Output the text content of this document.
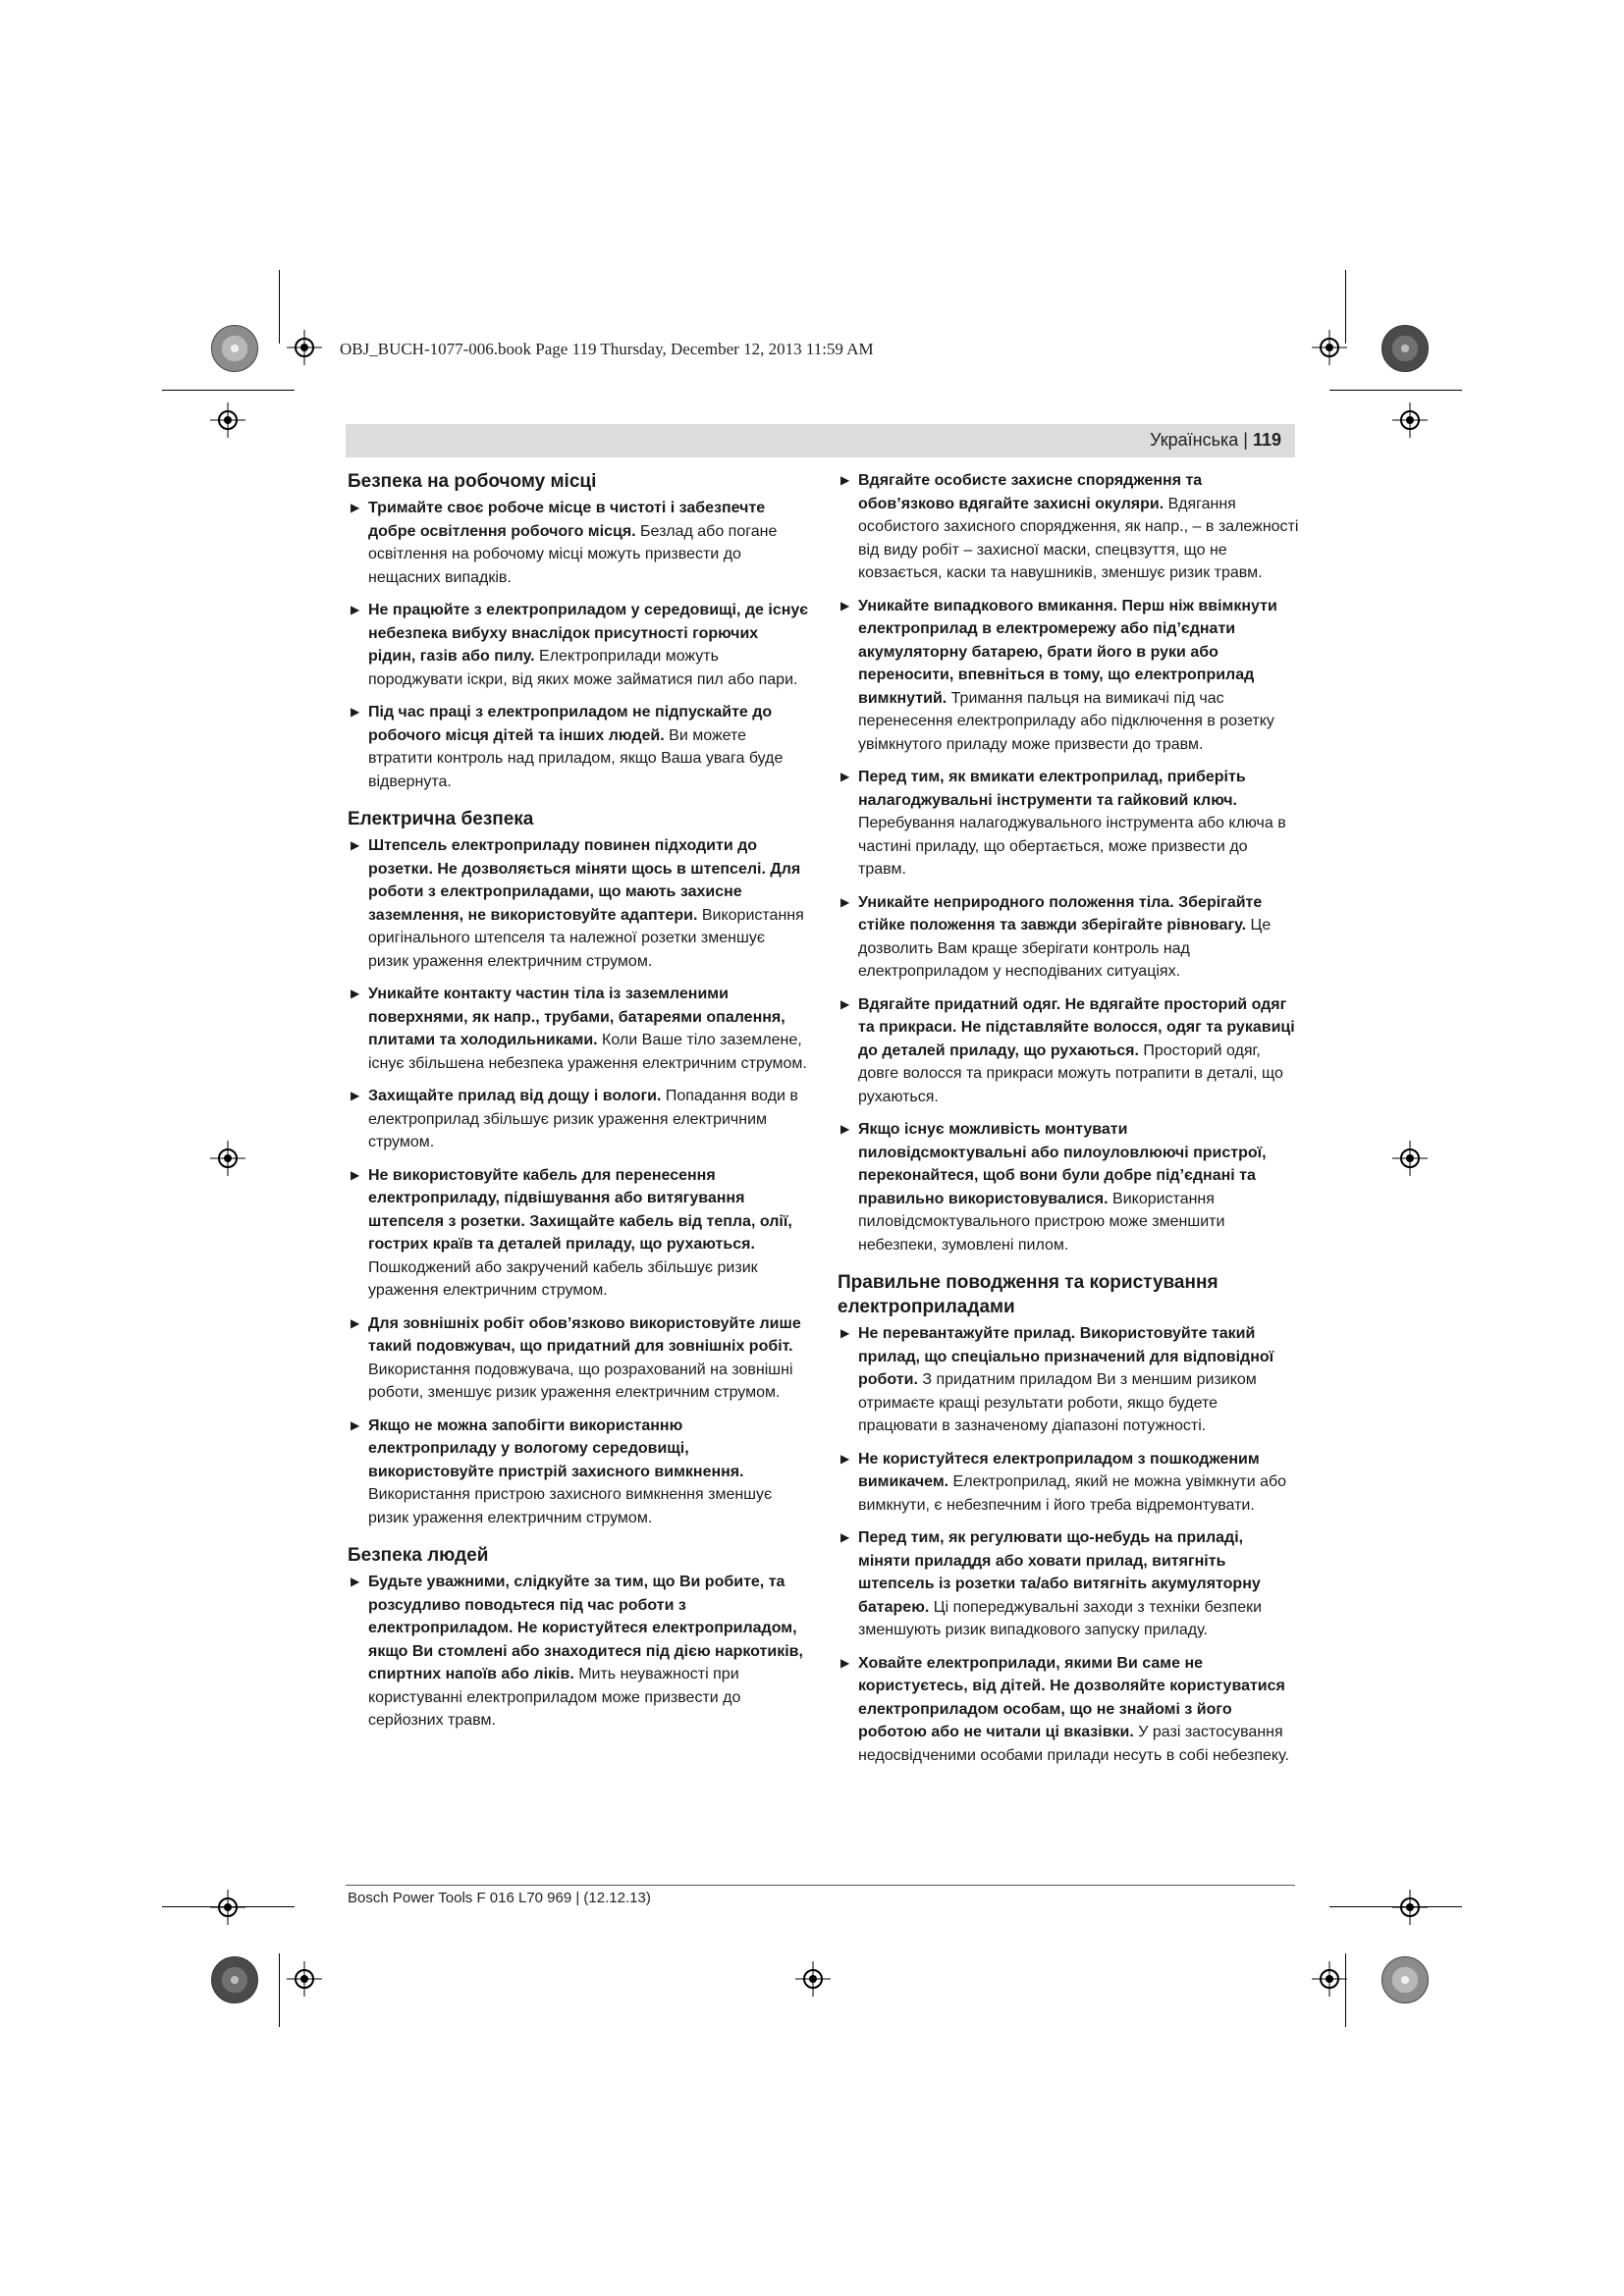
OBJ_BUCH-1077-006.book Page 119 Thursday, December 12, 2013 11:59 AM
Українська | 119
Безпека на робочому місці
▶ Тримайте своє робоче місце в чистоті і забезпечте добре освітлення робочого місця. Безлад або погане освітлення на робочому місці можуть призвести до нещасних випадків.
▶ Не працюйте з електроприладом у середовищі, де існує небезпека вибуху внаслідок присутності горючих рідин, газів або пилу. Електроприлади можуть породжувати іскри, від яких може займатися пил або пари.
▶ Під час праці з електроприладом не підпускайте до робочого місця дітей та інших людей. Ви можете втратити контроль над приладом, якщо Ваша увага буде відвернута.
Електрична безпека
▶ Штепсель електроприладу повинен підходити до розетки. Не дозволяється міняти щось в штепселі. Для роботи з електроприладами, що мають захисне заземлення, не використовуйте адаптери. Використання оригінального штепселя та належної розетки зменшує ризик ураження електричним струмом.
▶ Уникайте контакту частин тіла із заземленими поверхнями, як напр., трубами, батареями опалення, плитами та холодильниками. Коли Ваше тіло заземлене, існує збільшена небезпека ураження електричним струмом.
▶ Захищайте прилад від дощу і вологи. Попадання води в електроприлад збільшує ризик ураження електричним струмом.
▶ Не використовуйте кабель для перенесення електроприладу, підвішування або витягування штепселя з розетки. Захищайте кабель від тепла, олії, гострих країв та деталей приладу, що рухаються. Пошкоджений або закручений кабель збільшує ризик ураження електричним струмом.
▶ Для зовнішніх робіт обов’язково використовуйте лише такий подовжувач, що придатний для зовнішніх робіт. Використання подовжувача, що розрахований на зовнішні роботи, зменшує ризик ураження електричним струмом.
▶ Якщо не можна запобігти використанню електроприладу у вологому середовищі, використовуйте пристрій захисного вимкнення. Використання пристрою захисного вимкнення зменшує ризик ураження електричним струмом.
Безпека людей
▶ Будьте уважними, слідкуйте за тим, що Ви робите, та розсудливо поводьтеся під час роботи з електроприладом. Не користуйтеся електроприладом, якщо Ви стомлені або знаходитеся під дією наркотиків, спиртних напоїв або ліків. Мить неуважності при користуванні електроприладом може призвести до серйозних травм.
▶ Вдягайте особисте захисне спорядження та обов’язково вдягайте захисні окуляри. Вдягання особистого захисного спорядження, як напр., – в залежності від виду робіт – захисної маски, спецвзуття, що не ковзається, каски та навушників, зменшує ризик травм.
▶ Уникайте випадкового вмикання. Перш ніж ввімкнути електроприлад в електромережу або під’єднати акумуляторну батарею, брати його в руки або переносити, впевніться в тому, що електроприлад вимкнутий. Тримання пальця на вимикачі під час перенесення електроприладу або підключення в розетку увімкнутого приладу може призвести до травм.
▶ Перед тим, як вмикати електроприлад, приберіть налагоджувальні інструменти та гайковий ключ. Перебування налагоджувального інструмента або ключа в частині приладу, що обертається, може призвести до травм.
▶ Уникайте неприродного положення тіла. Зберігайте стійке положення та завжди зберігайте рівновагу. Це дозволить Вам краще зберігати контроль над електроприладом у несподіваних ситуаціях.
▶ Вдягайте придатний одяг. Не вдягайте просторий одяг та прикраси. Не підставляйте волосся, одяг та рукавиці до деталей приладу, що рухаються. Просторий одяг, довге волосся та прикраси можуть потрапити в деталі, що рухаються.
▶ Якщо існує можливість монтувати пиловідсмоктувальні або пилоуловлюючі пристрої, переконайтеся, щоб вони були добре під’єднані та правильно використовувалися. Використання пиловідсмоктувального пристрою може зменшити небезпеки, зумовлені пилом.
Правильне поводження та користування електроприладами
▶ Не перевантажуйте прилад. Використовуйте такий прилад, що спеціально призначений для відповідної роботи. З придатним приладом Ви з меншим ризиком отримаєте кращі результати роботи, якщо будете працювати в зазначеному діапазоні потужності.
▶ Не користуйтеся електроприладом з пошкодженим вимикачем. Електроприлад, який не можна увімкнути або вимкнути, є небезпечним і його треба відремонтувати.
▶ Перед тим, як регулювати що-небудь на приладі, міняти приладдя або ховати прилад, витягніть штепсель із розетки та/або витягніть акумуляторну батарею. Ці попереджувальні заходи з техніки безпеки зменшують ризик випадкового запуску приладу.
▶ Ховайте електроприлади, якими Ви саме не користуєтесь, від дітей. Не дозволяйте користуватися електроприладом особам, що не знайомі з його роботою або не читали ці вказівки. У разі застосування недосвідченими особами прилади несуть в собі небезпеку.
Bosch Power Tools F 016 L70 969 | (12.12.13)
